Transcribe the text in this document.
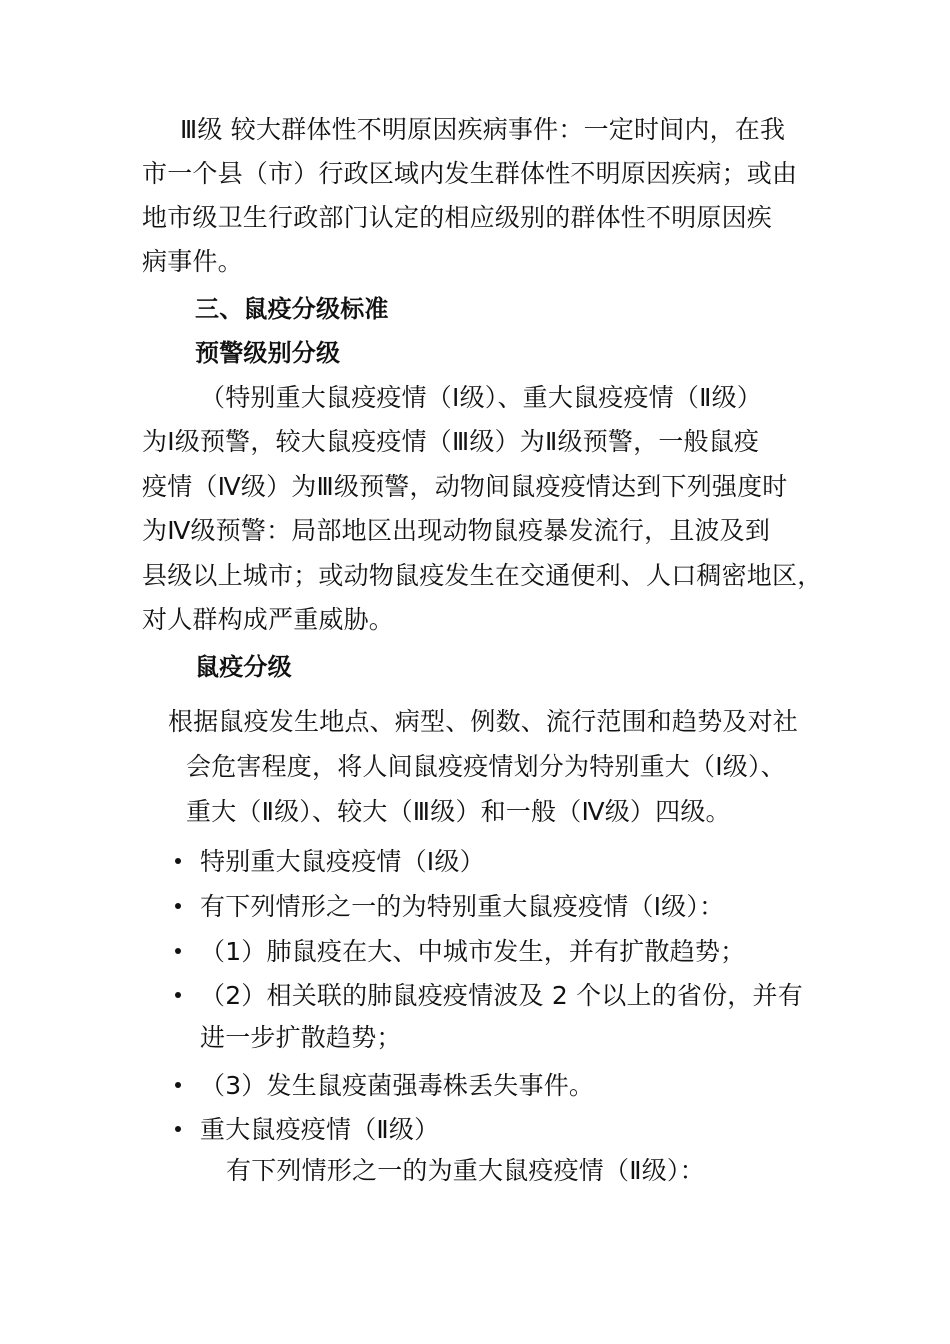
Ⅲ级 较大群体性不明原因疾病事件：一定时间内，在我
市一个县（市）行政区域内发生群体性不明原因疾病；或由
地市级卫生行政部门认定的相应级别的群体性不明原因疾
病事件。
三、鼠疫分级标准
预警级别分级
（特别重大鼠疫疫情（Ⅰ级）、重大鼠疫疫情（Ⅱ级）
为Ⅰ级预警，较大鼠疫疫情（Ⅲ级）为Ⅱ级预警，一般鼠疫
疫情（Ⅳ级）为Ⅲ级预警，动物间鼠疫疫情达到下列强度时
为Ⅳ级预警：局部地区出现动物鼠疫暴发流行，且波及到
县级以上城市；或动物鼠疫发生在交通便利、人口稠密地区，
对人群构成严重威胁。
鼠疫分级
根据鼠疫发生地点、病型、例数、流行范围和趋势及对社
会危害程度，将人间鼠疫疫情划分为特别重大（Ⅰ级）、
重大（Ⅱ级）、较大（Ⅲ级）和一般（Ⅳ级）四级。
特别重大鼠疫疫情（Ⅰ级）
有下列情形之一的为特别重大鼠疫疫情（Ⅰ级）：
（1）肺鼠疫在大、中城市发生，并有扩散趋势；
（2）相关联的肺鼠疫疫情波及 2 个以上的省份，并有
进一步扩散趋势；
（3）发生鼠疫菌强毒株丢失事件。
重大鼠疫疫情（Ⅱ级）
有下列情形之一的为重大鼠疫疫情（Ⅱ级）：
